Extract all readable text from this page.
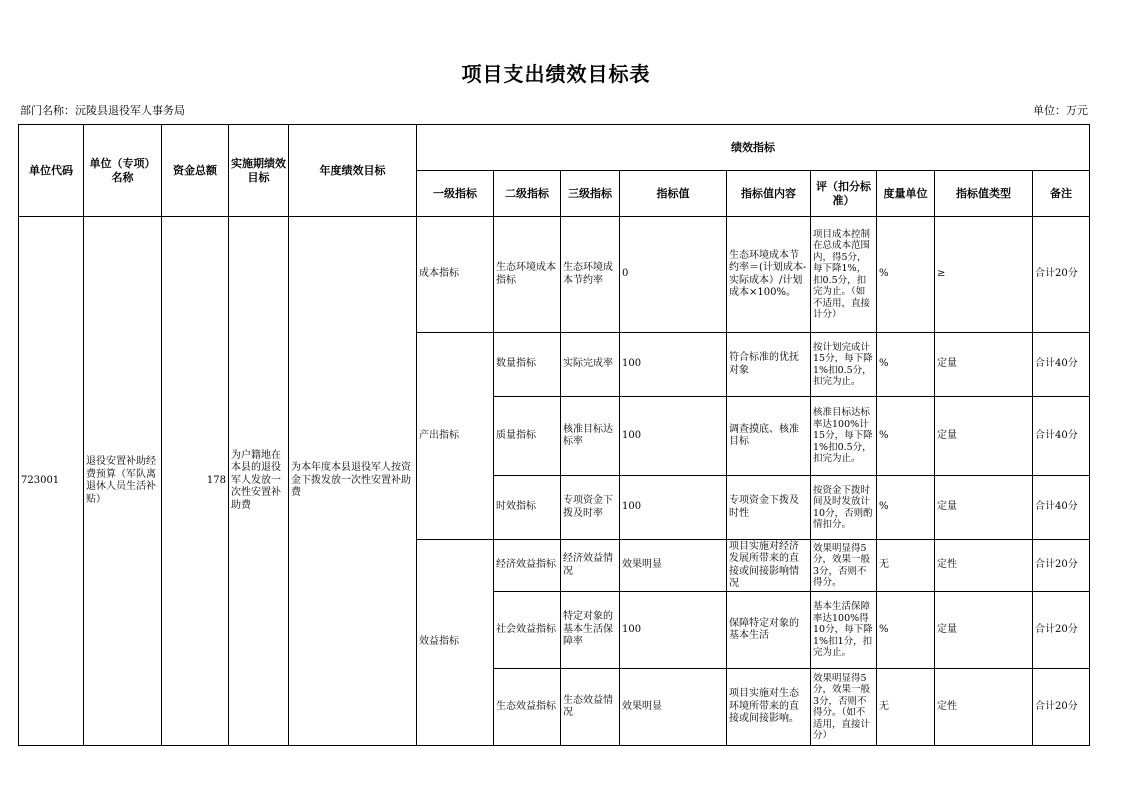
项目支出绩效目标表
部门名称：沅陵县退役军人事务局	单位：万元
单位代码	单位（专项）名称	资金总额	实施期绩效目标	年度绩效目标	绩效指标								
					一级指标	二级指标	三级指标	指标值	指标值内容	评（扣分标准）	度量单位	指标值类型	备注
723001	退役安置补助经费预算（军队离退休人员生活补贴）	178	为户籍地在本县的退役军人发放一次性安置补助费	为本年度本县退役军人按资金下拨发放一次性安置补助费	成本指标	生态环境成本指标	生态环境成本节约率	0	生态环境成本节约率＝(计划成本-实际成本）/计划成本×100%。	项目成本控制在总成本范围内，得5分，每下降1%，扣0.5分，扣完为止。（如不适用，直接计分）	%	≥	合计20分
					产出指标	数量指标	实际完成率	100	符合标准的优抚对象	按计划完成计15分，每下降1%扣0.5分，扣完为止。	%	定量	合计40分
						质量指标	核准目标达标率	100	调查摸底、核准目标	核准目标达标率达100%计15分，每下降1%扣0.5分，扣完为止。	%	定量	合计40分
						时效指标	专项资金下拨及时率	100	专项资金下拨及时性	按资金下拨时间及时发放计10分，否则酌情扣分。	%	定量	合计40分
					效益指标	经济效益指标	经济效益情况	效果明显	项目实施对经济发展所带来的直接或间接影响情况	效果明显得5分，效果一般3分，否则不得分。	无	定性	合计20分
						社会效益指标	特定对象的基本生活保障率	100	保障特定对象的基本生活	基本生活保障率达100%得10分，每下降1%扣1分，扣完为止。	%	定量	合计20分
						生态效益指标	生态效益情况	效果明显	项目实施对生态环境所带来的直接或间接影响。	效果明显得5分，效果一般3分，否则不得分。（如不适用，直接计分）	无	定性	合计20分
